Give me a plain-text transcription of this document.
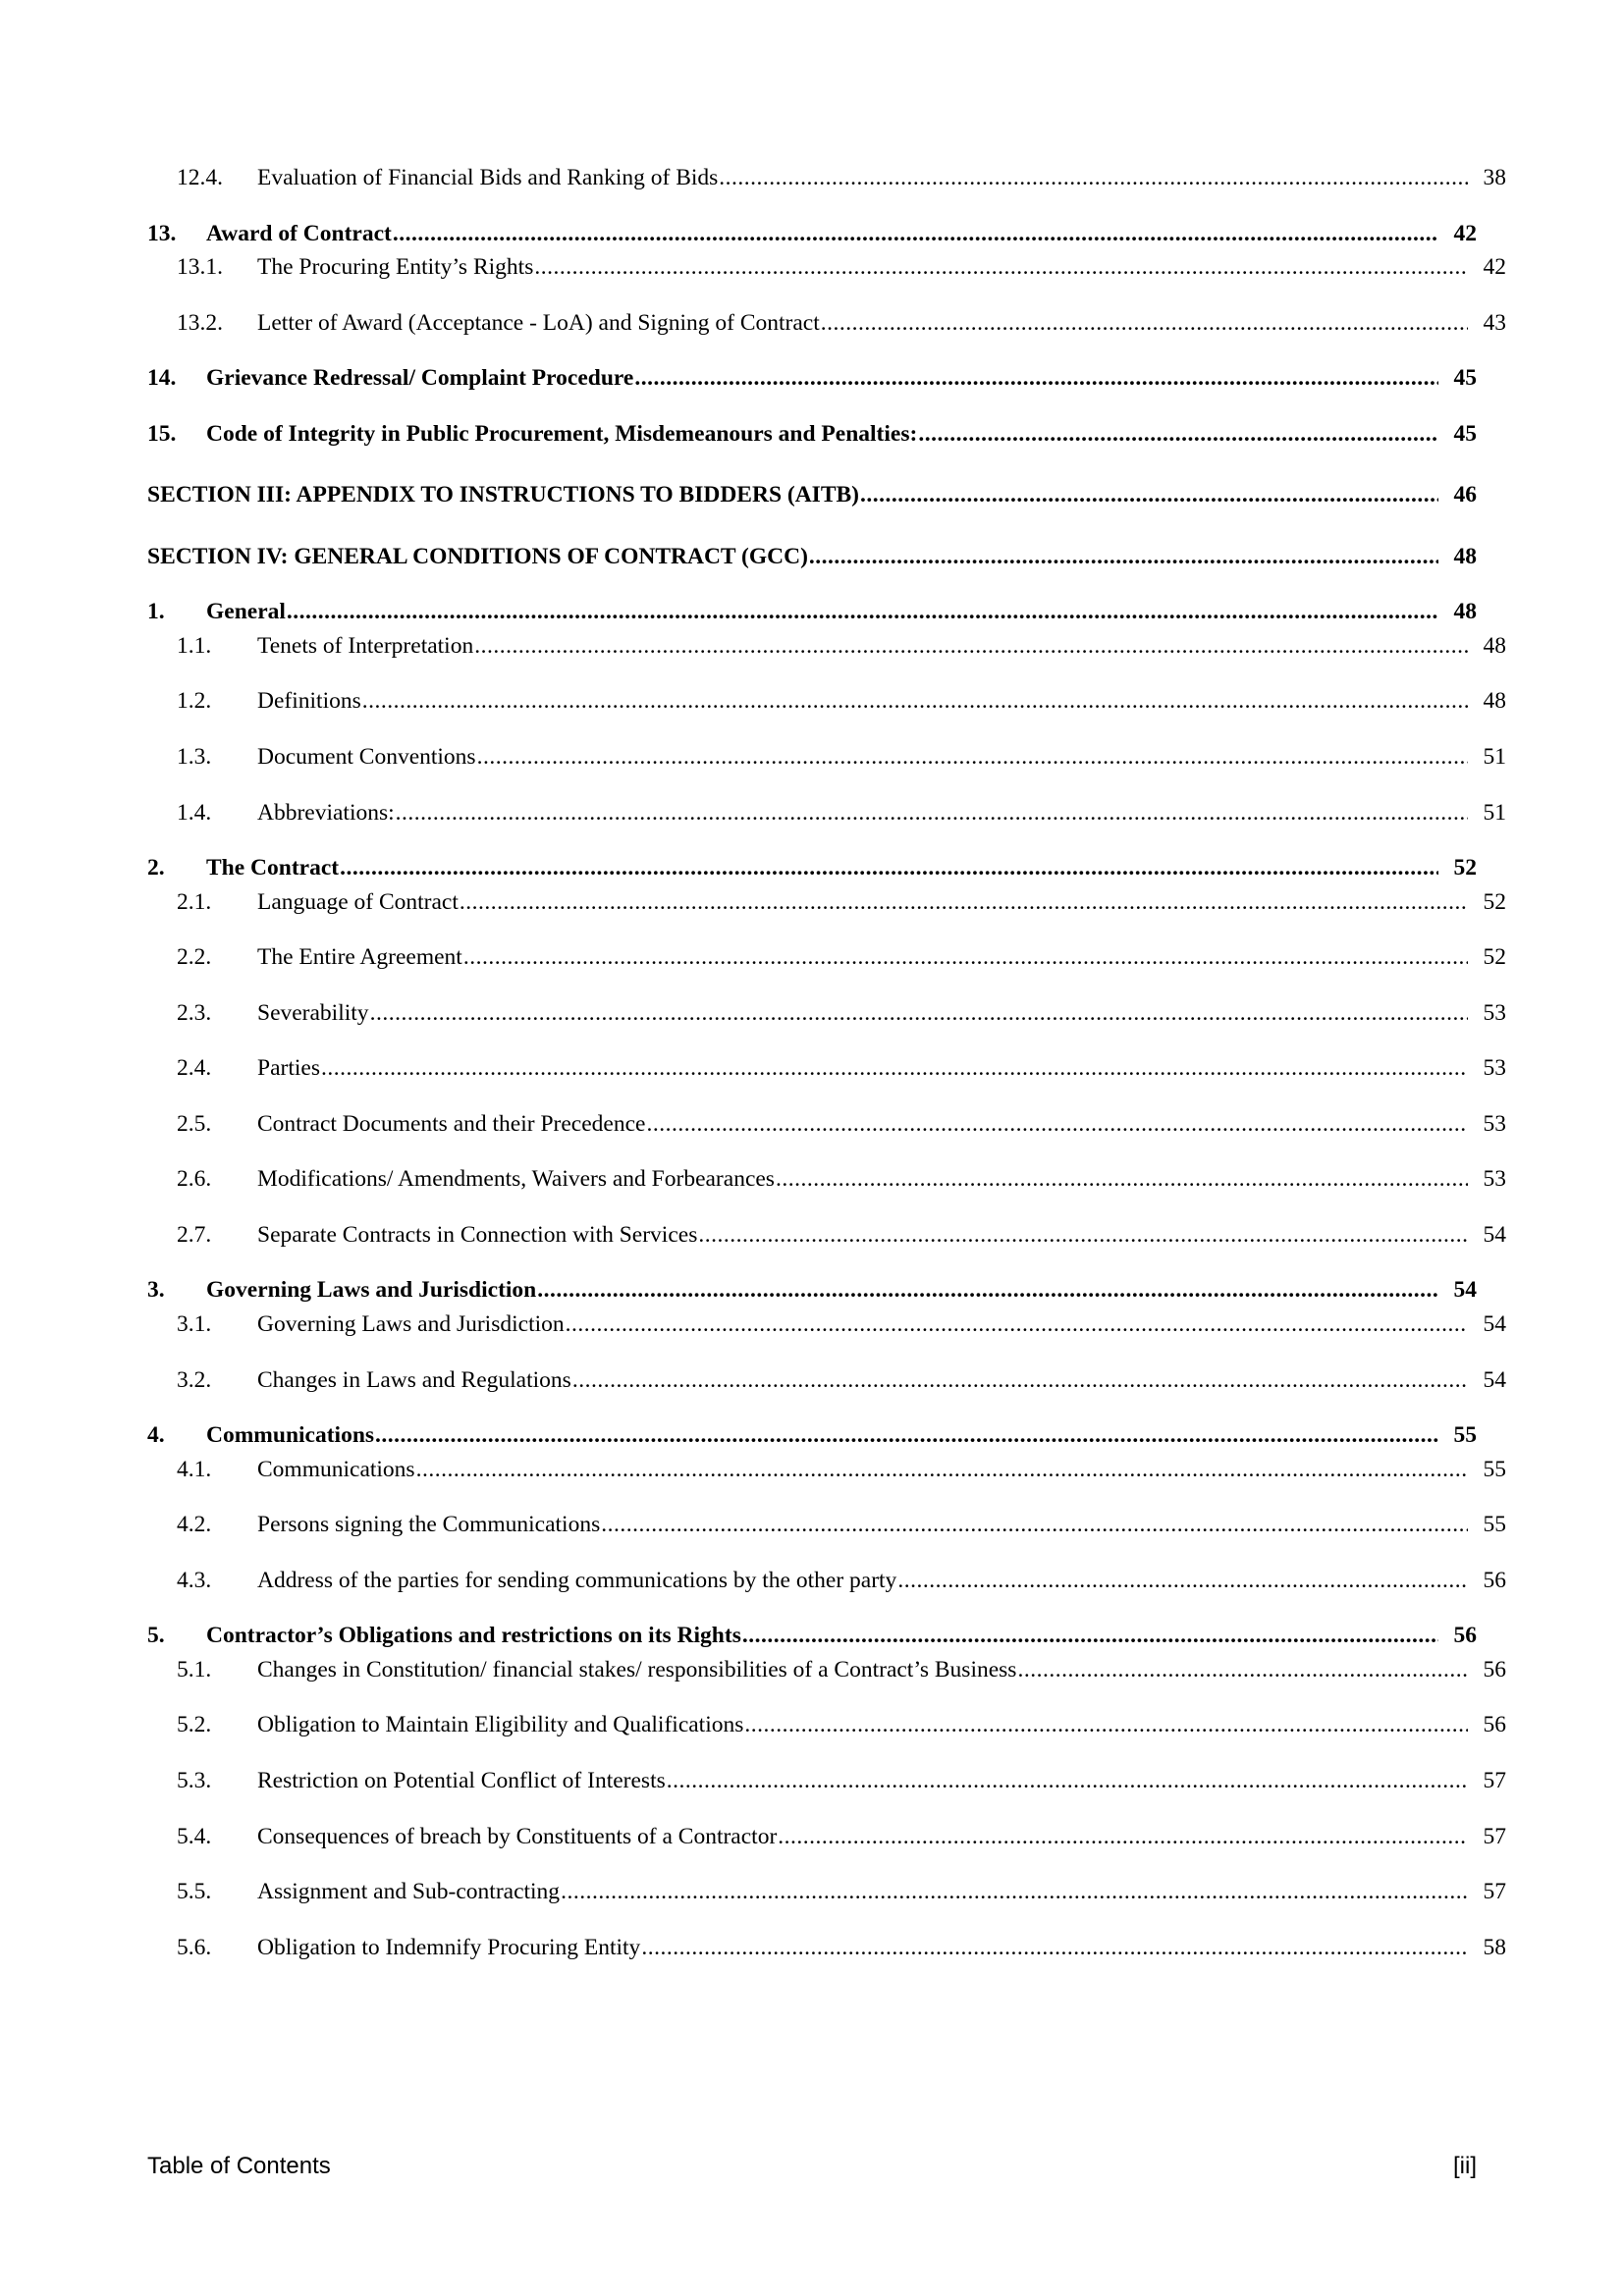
12.4.	Evaluation of Financial Bids and Ranking of Bids .....	38
13.	Award of Contract .....	42
13.1.	The Procuring Entity’s Rights .....	42
13.2.	Letter of Award (Acceptance - LoA) and Signing of Contract .....	43
14.	Grievance Redressal/ Complaint Procedure .....	45
15.	Code of Integrity in Public Procurement, Misdemeanours and Penalties: .....	45
SECTION III: APPENDIX TO INSTRUCTIONS TO BIDDERS (AITB) .....	46
SECTION IV: GENERAL CONDITIONS OF CONTRACT (GCC) .....	48
1.	General .....	48
1.1.	Tenets of Interpretation .....	48
1.2.	Definitions .....	48
1.3.	Document Conventions .....	51
1.4.	Abbreviations: .....	51
2.	The Contract .....	52
2.1.	Language of Contract .....	52
2.2.	The Entire Agreement .....	52
2.3.	Severability .....	53
2.4.	Parties .....	53
2.5.	Contract Documents and their Precedence .....	53
2.6.	Modifications/ Amendments, Waivers and Forbearances .....	53
2.7.	Separate Contracts in Connection with Services .....	54
3.	Governing Laws and Jurisdiction .....	54
3.1.	Governing Laws and Jurisdiction .....	54
3.2.	Changes in Laws and Regulations .....	54
4.	Communications .....	55
4.1.	Communications .....	55
4.2.	Persons signing the Communications .....	55
4.3.	Address of the parties for sending communications by the other party .....	56
5.	Contractor’s Obligations and restrictions on its Rights .....	56
5.1.	Changes in Constitution/ financial stakes/ responsibilities of a Contract’s Business .....	56
5.2.	Obligation to Maintain Eligibility and Qualifications .....	56
5.3.	Restriction on Potential Conflict of Interests .....	57
5.4.	Consequences of breach by Constituents of a Contractor .....	57
5.5.	Assignment and Sub-contracting .....	57
5.6.	Obligation to Indemnify Procuring Entity .....	58
Table of Contents	[ii]
